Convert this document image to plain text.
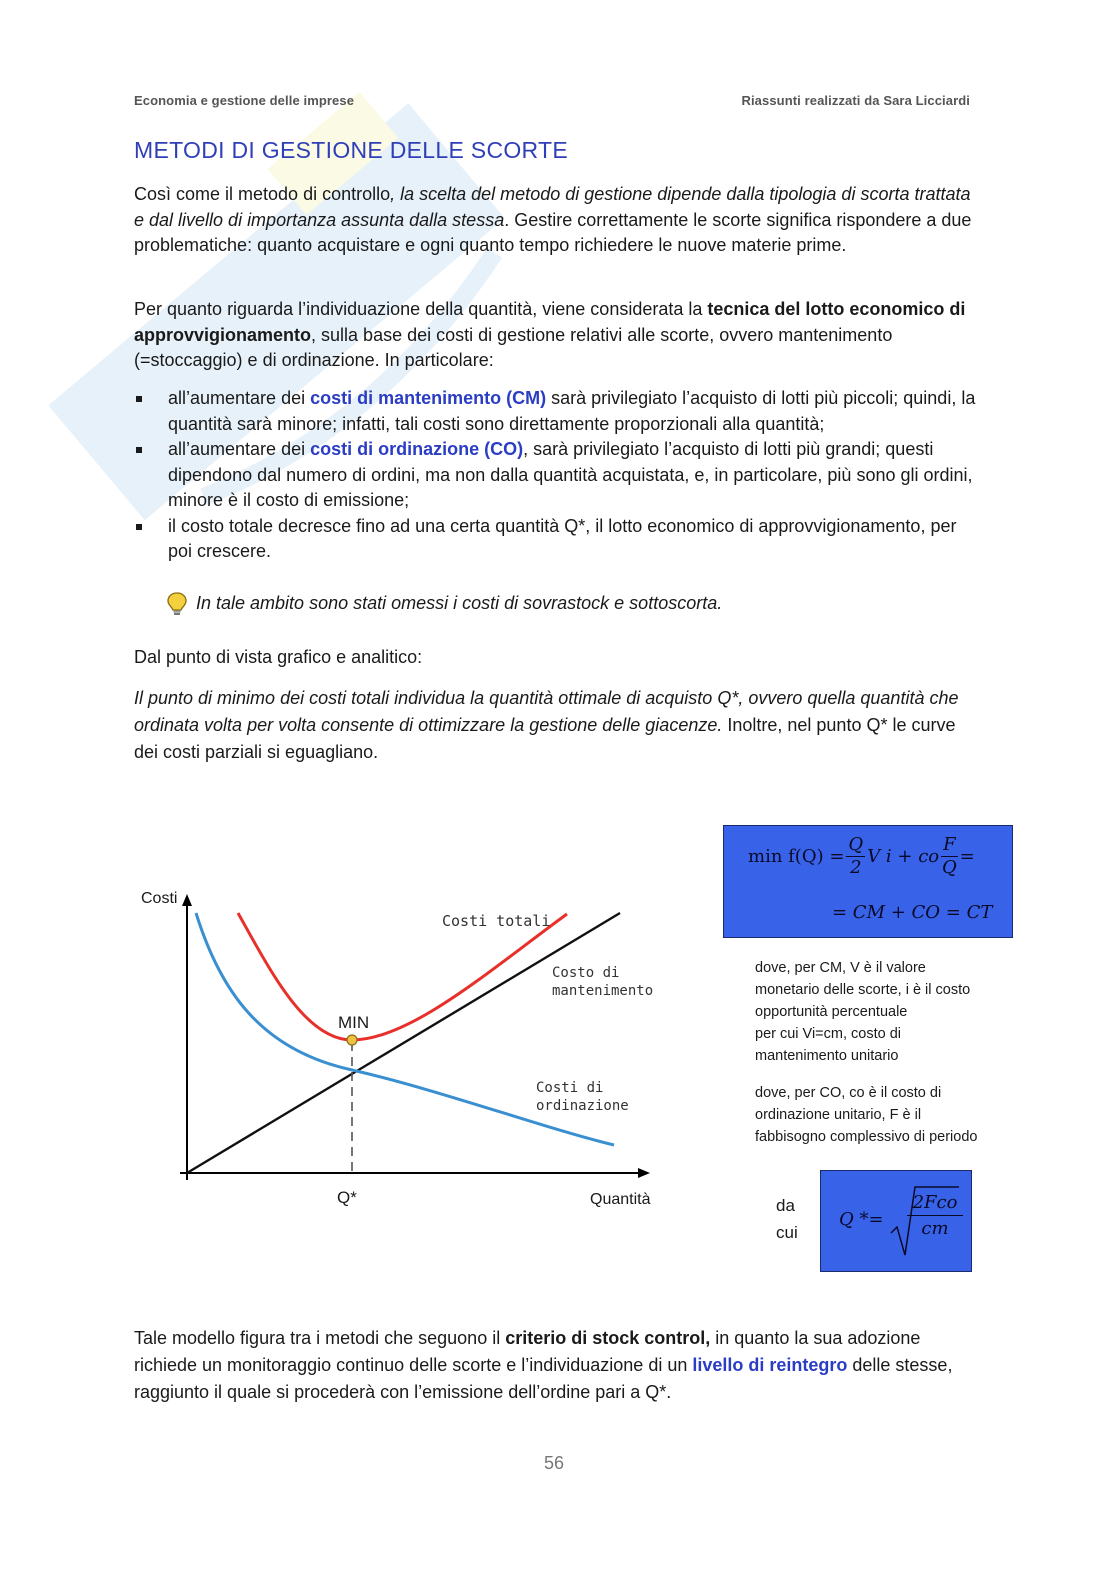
Economia e gestione delle imprese	Riassunti realizzati da Sara Licciardi
METODI DI GESTIONE DELLE SCORTE

Così come il metodo di controllo, la scelta del metodo di gestione dipende dalla tipologia di scorta trattata e dal livello di importanza assunta dalla stessa. Gestire correttamente le scorte significa rispondere a due problematiche: quanto acquistare e ogni quanto tempo richiedere le nuove materie prime.

Per quanto riguarda l’individuazione della quantità, viene considerata la tecnica del lotto economico di approvvigionamento, sulla base dei costi di gestione relativi alle scorte, ovvero mantenimento (=stoccaggio) e di ordinazione. In particolare:

all’aumentare dei costi di mantenimento (CM) sarà privilegiato l’acquisto di lotti più piccoli; quindi, la quantità sarà minore; infatti, tali costi sono direttamente proporzionali alla quantità;
all’aumentare dei costi di ordinazione (CO), sarà privilegiato l’acquisto di lotti più grandi; questi dipendono dal numero di ordini, ma non dalla quantità acquistata, e, in particolare, più sono gli ordini, minore è il costo di emissione;
il costo totale decresce fino ad una certa quantità Q*, il lotto economico di approvvigionamento, per poi crescere.
In tale ambito sono stati omessi i costi di sovrastock e sottoscorta.
Dal punto di vista grafico e analitico:

Il punto di minimo dei costi totali individua la quantità ottimale di acquisto Q*, ovvero quella quantità che ordinata volta per volta consente di ottimizzare la gestione delle giacenze. Inoltre, nel punto Q* le curve dei costi parziali si eguagliano.

Costi
MIN
Q*	Quantità
Costi totali
Costo di
mantenimento
Costi di
ordinazione
$\min f(Q) = \frac{Q}{2}$ V i + co $\frac{F}{Q}$ =
= CM + CO = CT
dove, per CM, V è il valore
monetario delle scorte, i è il costo
opportunità percentuale
per cui Vi=cm, costo di
mantenimento unitario
dove, per CO, co è il costo di
ordinazione unitario, F è il
fabbisogno complessivo di periodo
da
cui
Q *=
2Fco
cm

Tale modello figura tra i metodi che seguono il criterio di stock control, in quanto la sua adozione richiede un monitoraggio continuo delle scorte e l’individuazione di un livello di reintegro delle stesse, raggiunto il quale si procederà con l’emissione dell’ordine pari a Q*.

56
